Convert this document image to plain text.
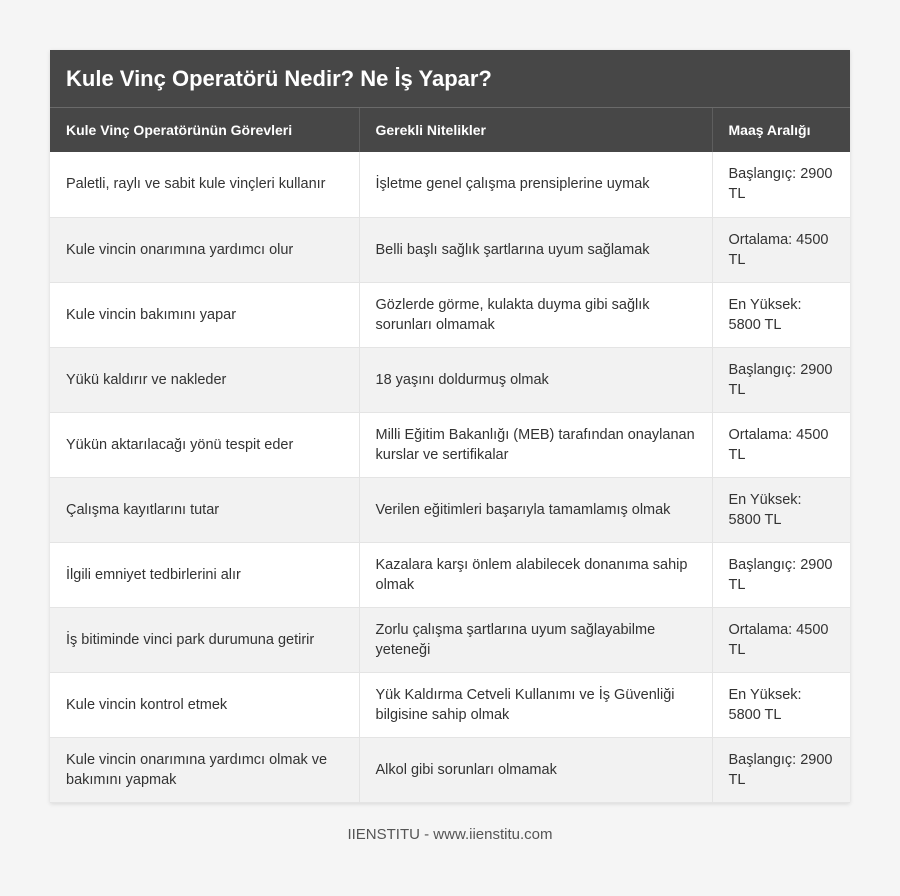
Kule Vinç Operatörü Nedir? Ne İş Yapar?
Kule Vinç Operatörünün Görevleri	Gerekli Nitelikler	Maaş Aralığı
Paletli, raylı ve sabit kule vinçleri kullanır	İşletme genel çalışma prensiplerine uymak	Başlangıç: 2900 TL
Kule vincin onarımına yardımcı olur	Belli başlı sağlık şartlarına uyum sağlamak	Ortalama: 4500 TL
Kule vincin bakımını yapar	Gözlerde görme, kulakta duyma gibi sağlık sorunları olmamak	En Yüksek: 5800 TL
Yükü kaldırır ve nakleder	18 yaşını doldurmuş olmak	Başlangıç: 2900 TL
Yükün aktarılacağı yönü tespit eder	Milli Eğitim Bakanlığı (MEB) tarafından onaylanan kurslar ve sertifikalar	Ortalama: 4500 TL
Çalışma kayıtlarını tutar	Verilen eğitimleri başarıyla tamamlamış olmak	En Yüksek: 5800 TL
İlgili emniyet tedbirlerini alır	Kazalara karşı önlem alabilecek donanıma sahip olmak	Başlangıç: 2900 TL
İş bitiminde vinci park durumuna getirir	Zorlu çalışma şartlarına uyum sağlayabilme yeteneği	Ortalama: 4500 TL
Kule vincin kontrol etmek	Yük Kaldırma Cetveli Kullanımı ve İş Güvenliği bilgisine sahip olmak	En Yüksek: 5800 TL
Kule vincin onarımına yardımcı olmak ve bakımını yapmak	Alkol gibi sorunları olmamak	Başlangıç: 2900 TL
IIENSTITU - www.iienstitu.com
